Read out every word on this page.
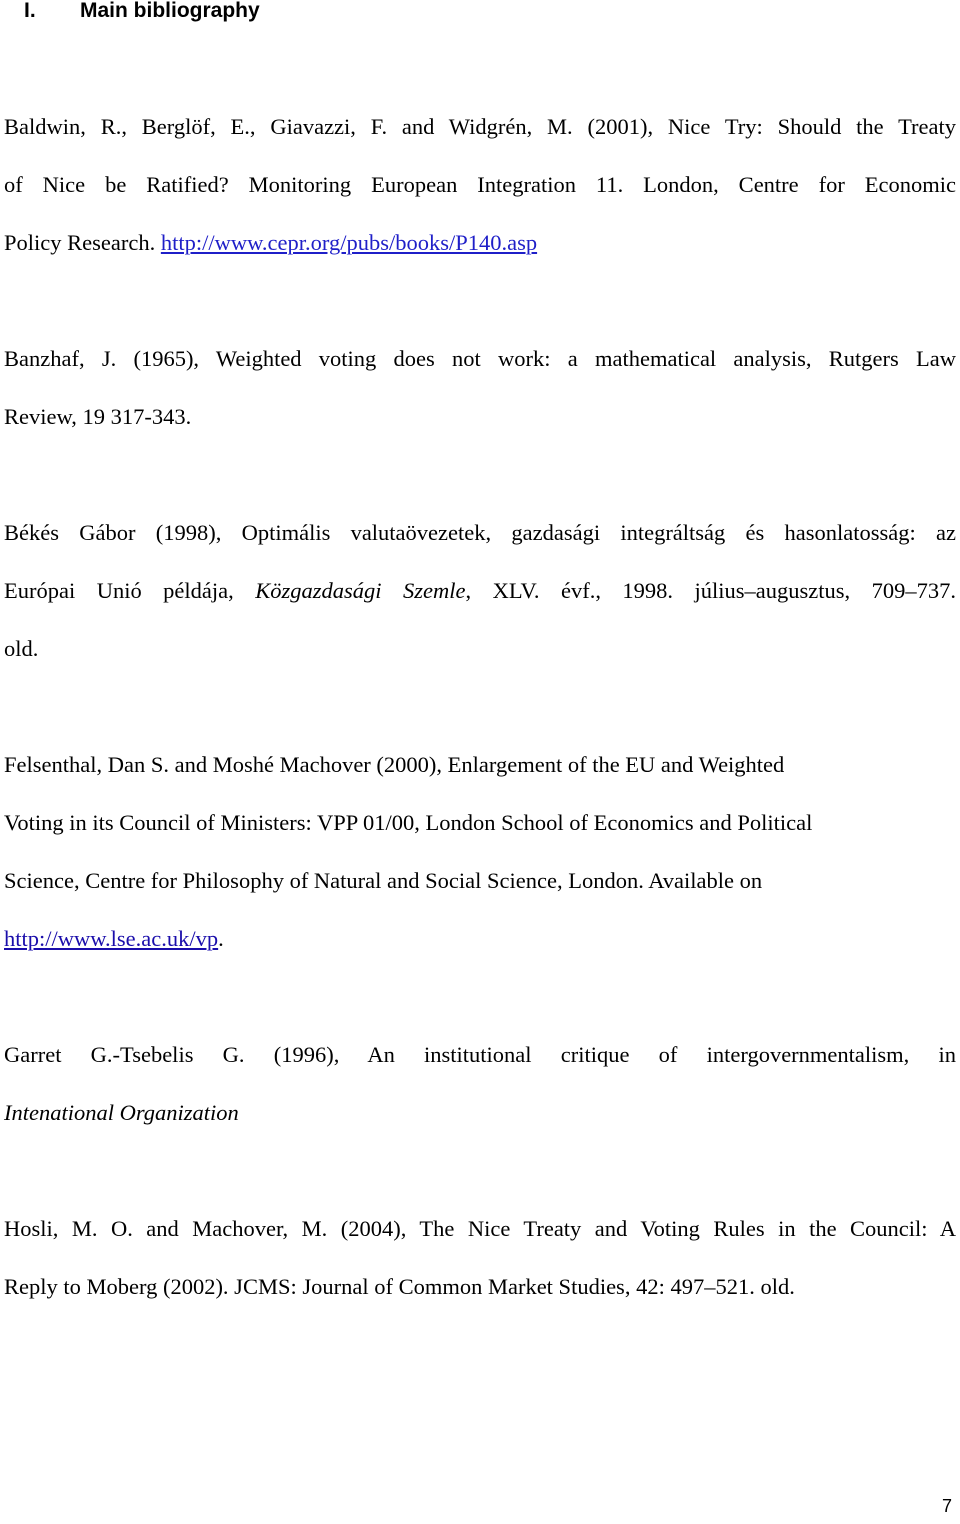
I. Main bibliography
Baldwin, R., Berglöf, E., Giavazzi, F. and Widgrén, M. (2001), Nice Try: Should the Treaty
of Nice be Ratified? Monitoring European Integration 11. London, Centre for Economic
Policy Research. http://www.cepr.org/pubs/books/P140.asp
Banzhaf, J. (1965), Weighted voting does not work: a mathematical analysis, Rutgers Law
Review, 19 317-343.
Békés Gábor (1998), Optimális valutaövezetek, gazdasági integráltság és hasonlatosság: az
Európai Unió példája, Közgazdasági Szemle, XLV. évf., 1998. július–augusztus, 709–737.
old.
Felsenthal, Dan S. and Moshé Machover (2000), Enlargement of the EU and Weighted
Voting in its Council of Ministers: VPP 01/00, London School of Economics and Political
Science, Centre for Philosophy of Natural and Social Science, London. Available on
http://www.lse.ac.uk/vp.
Garret G.-Tsebelis G. (1996), An institutional critique of intergovernmentalism, in
Intenational Organization
Hosli, M. O. and Machover, M. (2004), The Nice Treaty and Voting Rules in the Council: A
Reply to Moberg (2002). JCMS: Journal of Common Market Studies, 42: 497–521. old.
7
